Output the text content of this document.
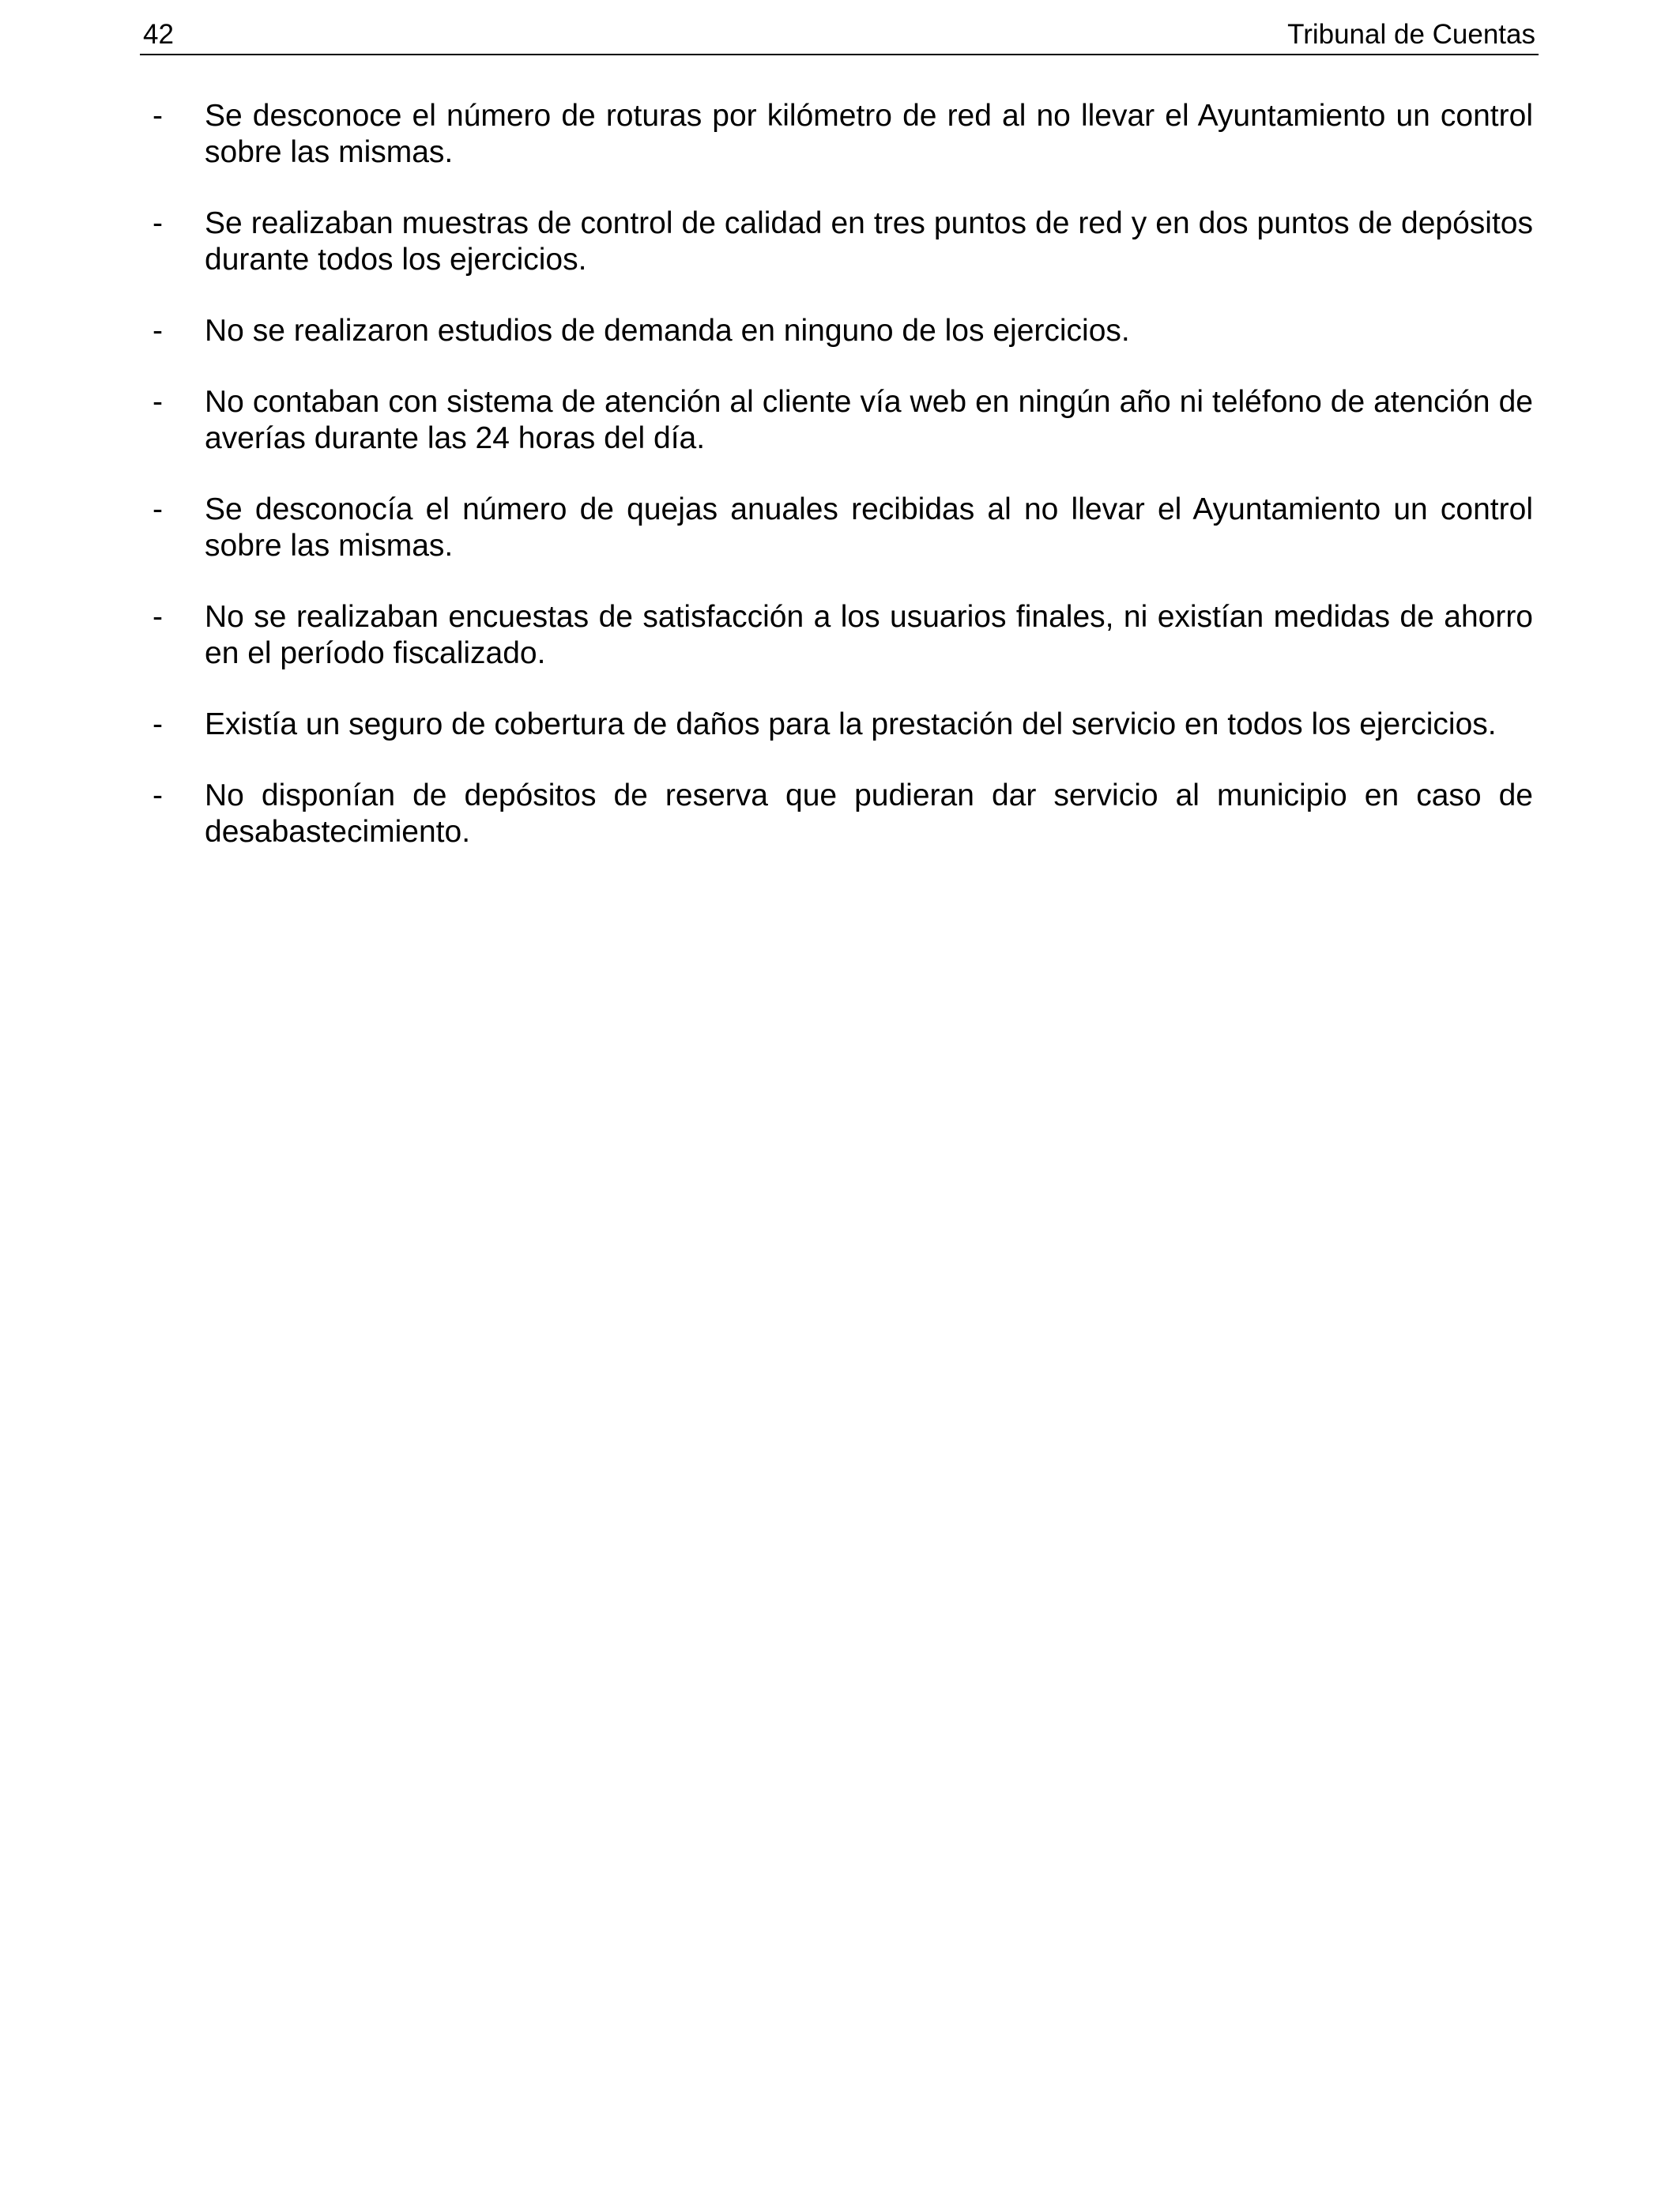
42	Tribunal de Cuentas
- Se desconoce el número de roturas por kilómetro de red al no llevar el Ayuntamiento un control sobre las mismas.
- Se realizaban muestras de control de calidad en tres puntos de red y en dos puntos de depósitos durante todos los ejercicios.
- No se realizaron estudios de demanda en ninguno de los ejercicios.
- No contaban con sistema de atención al cliente vía web en ningún año ni teléfono de atención de averías durante las 24 horas del día.
- Se desconocía el número de quejas anuales recibidas al no llevar el Ayuntamiento un control sobre las mismas.
- No se realizaban encuestas de satisfacción a los usuarios finales, ni existían medidas de ahorro en el período fiscalizado.
- Existía un seguro de cobertura de daños para la prestación del servicio en todos los ejercicios.
- No disponían de depósitos de reserva que pudieran dar servicio al municipio en caso de desabastecimiento.
